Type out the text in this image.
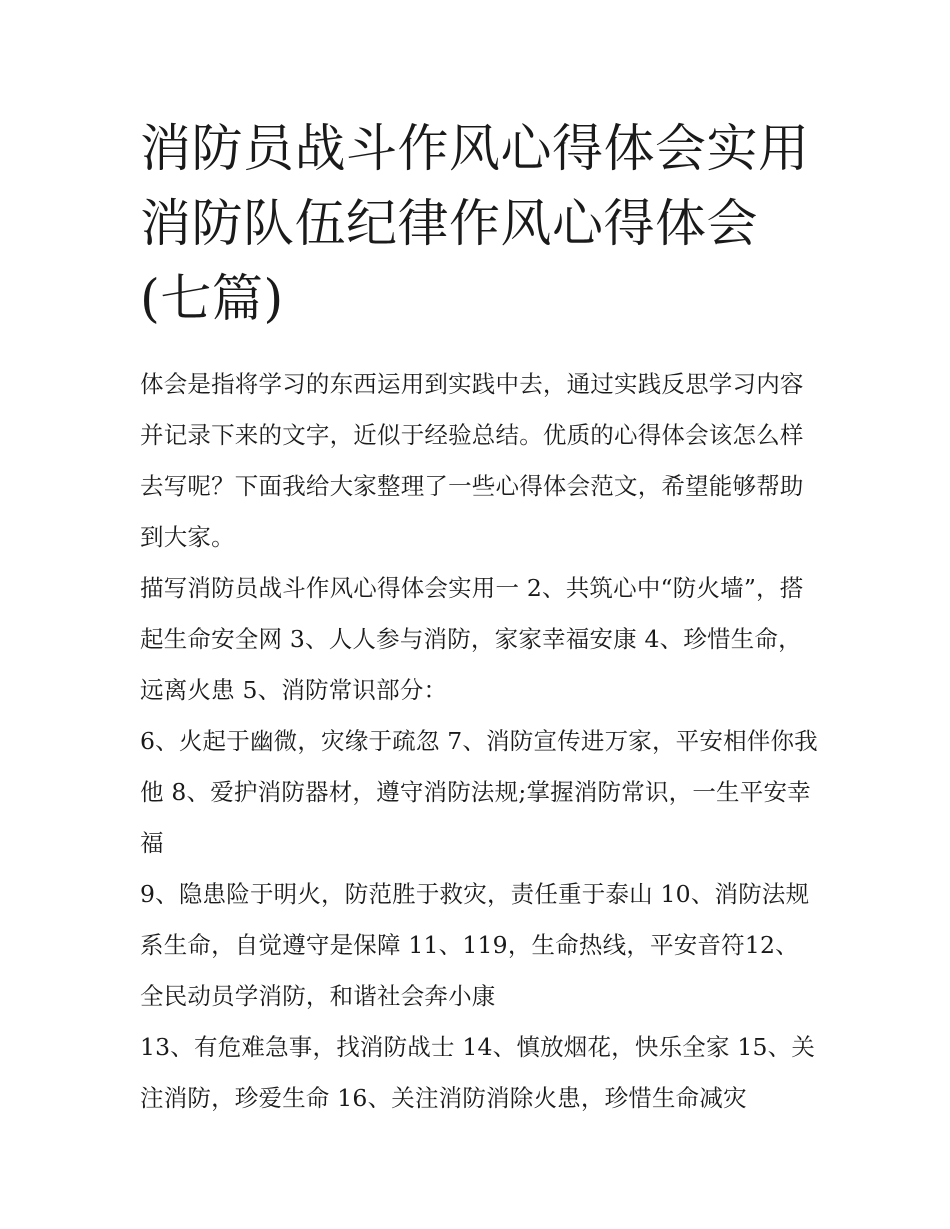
消防员战斗作风心得体会实用消防队伍纪律作风心得体会(七篇)

体会是指将学习的东西运用到实践中去，通过实践反思学习内容并记录下来的文字，近似于经验总结。优质的心得体会该怎么样去写呢？下面我给大家整理了一些心得体会范文，希望能够帮助到大家。

描写消防员战斗作风心得体会实用一 2、共筑心中“防火墙”，搭起生命安全网 3、人人参与消防，家家幸福安康 4、珍惜生命，远离火患 5、消防常识部分：

6、火起于幽微，灾缘于疏忽 7、消防宣传进万家，平安相伴你我他 8、爱护消防器材，遵守消防法规;掌握消防常识，一生平安幸福

9、隐患险于明火，防范胜于救灾，责任重于泰山 10、消防法规系生命，自觉遵守是保障 11、119，生命热线，平安音符12、全民动员学消防，和谐社会奔小康

13、有危难急事，找消防战士 14、慎放烟花，快乐全家 15、关注消防，珍爱生命 16、关注消防消除火患，珍惜生命减灾
